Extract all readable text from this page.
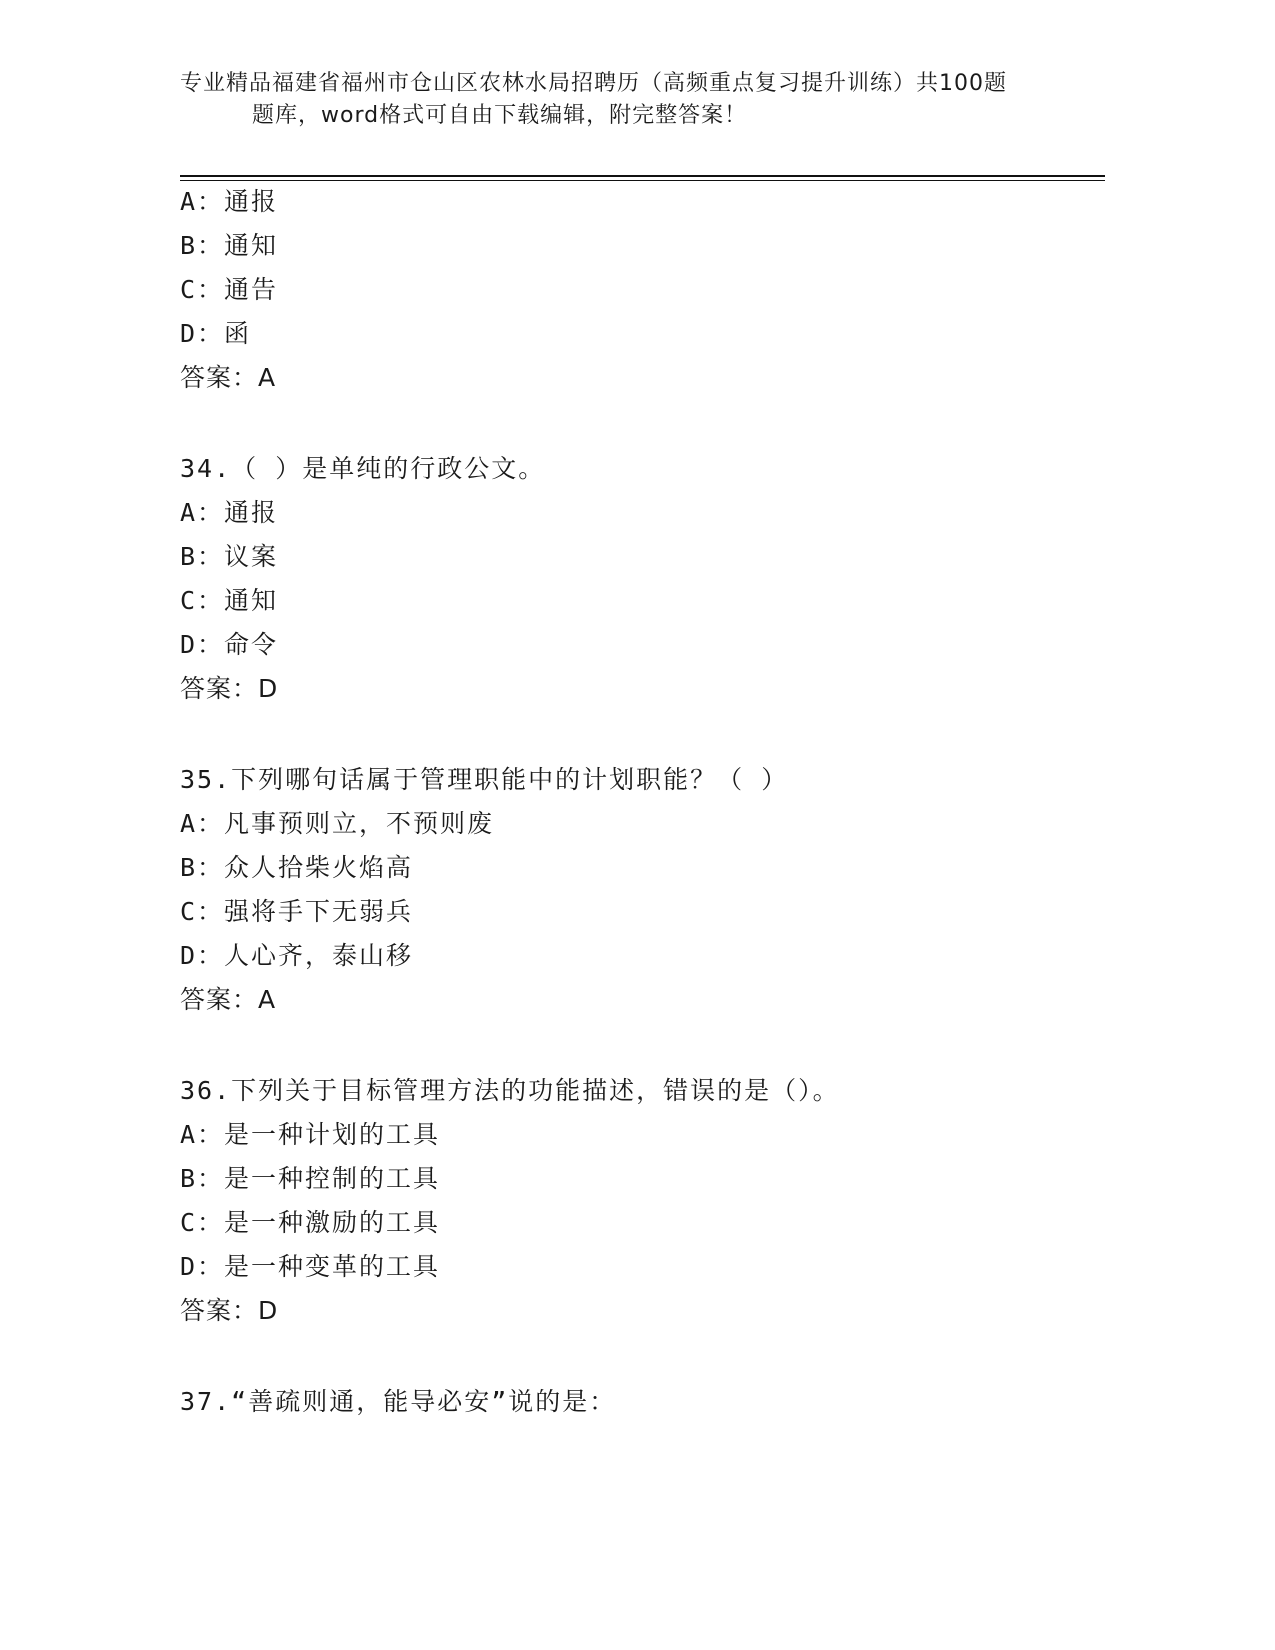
专业精品福建省福州市仓山区农林水局招聘历（高频重点复习提升训练）共100题
题库，word格式可自由下载编辑，附完整答案！
A：通报
B：通知
C：通告
D：函
答案：A
34.（ ）是单纯的行政公文。
A：通报
B：议案
C：通知
D：命令
答案：D
35.下列哪句话属于管理职能中的计划职能？（ ）
A：凡事预则立，不预则废
B：众人拾柴火焰高
C：强将手下无弱兵
D：人心齐，泰山移
答案：A
36.下列关于目标管理方法的功能描述，错误的是（）。
A：是一种计划的工具
B：是一种控制的工具
C：是一种激励的工具
D：是一种变革的工具
答案：D
37.“善疏则通，能导必安”说的是：
